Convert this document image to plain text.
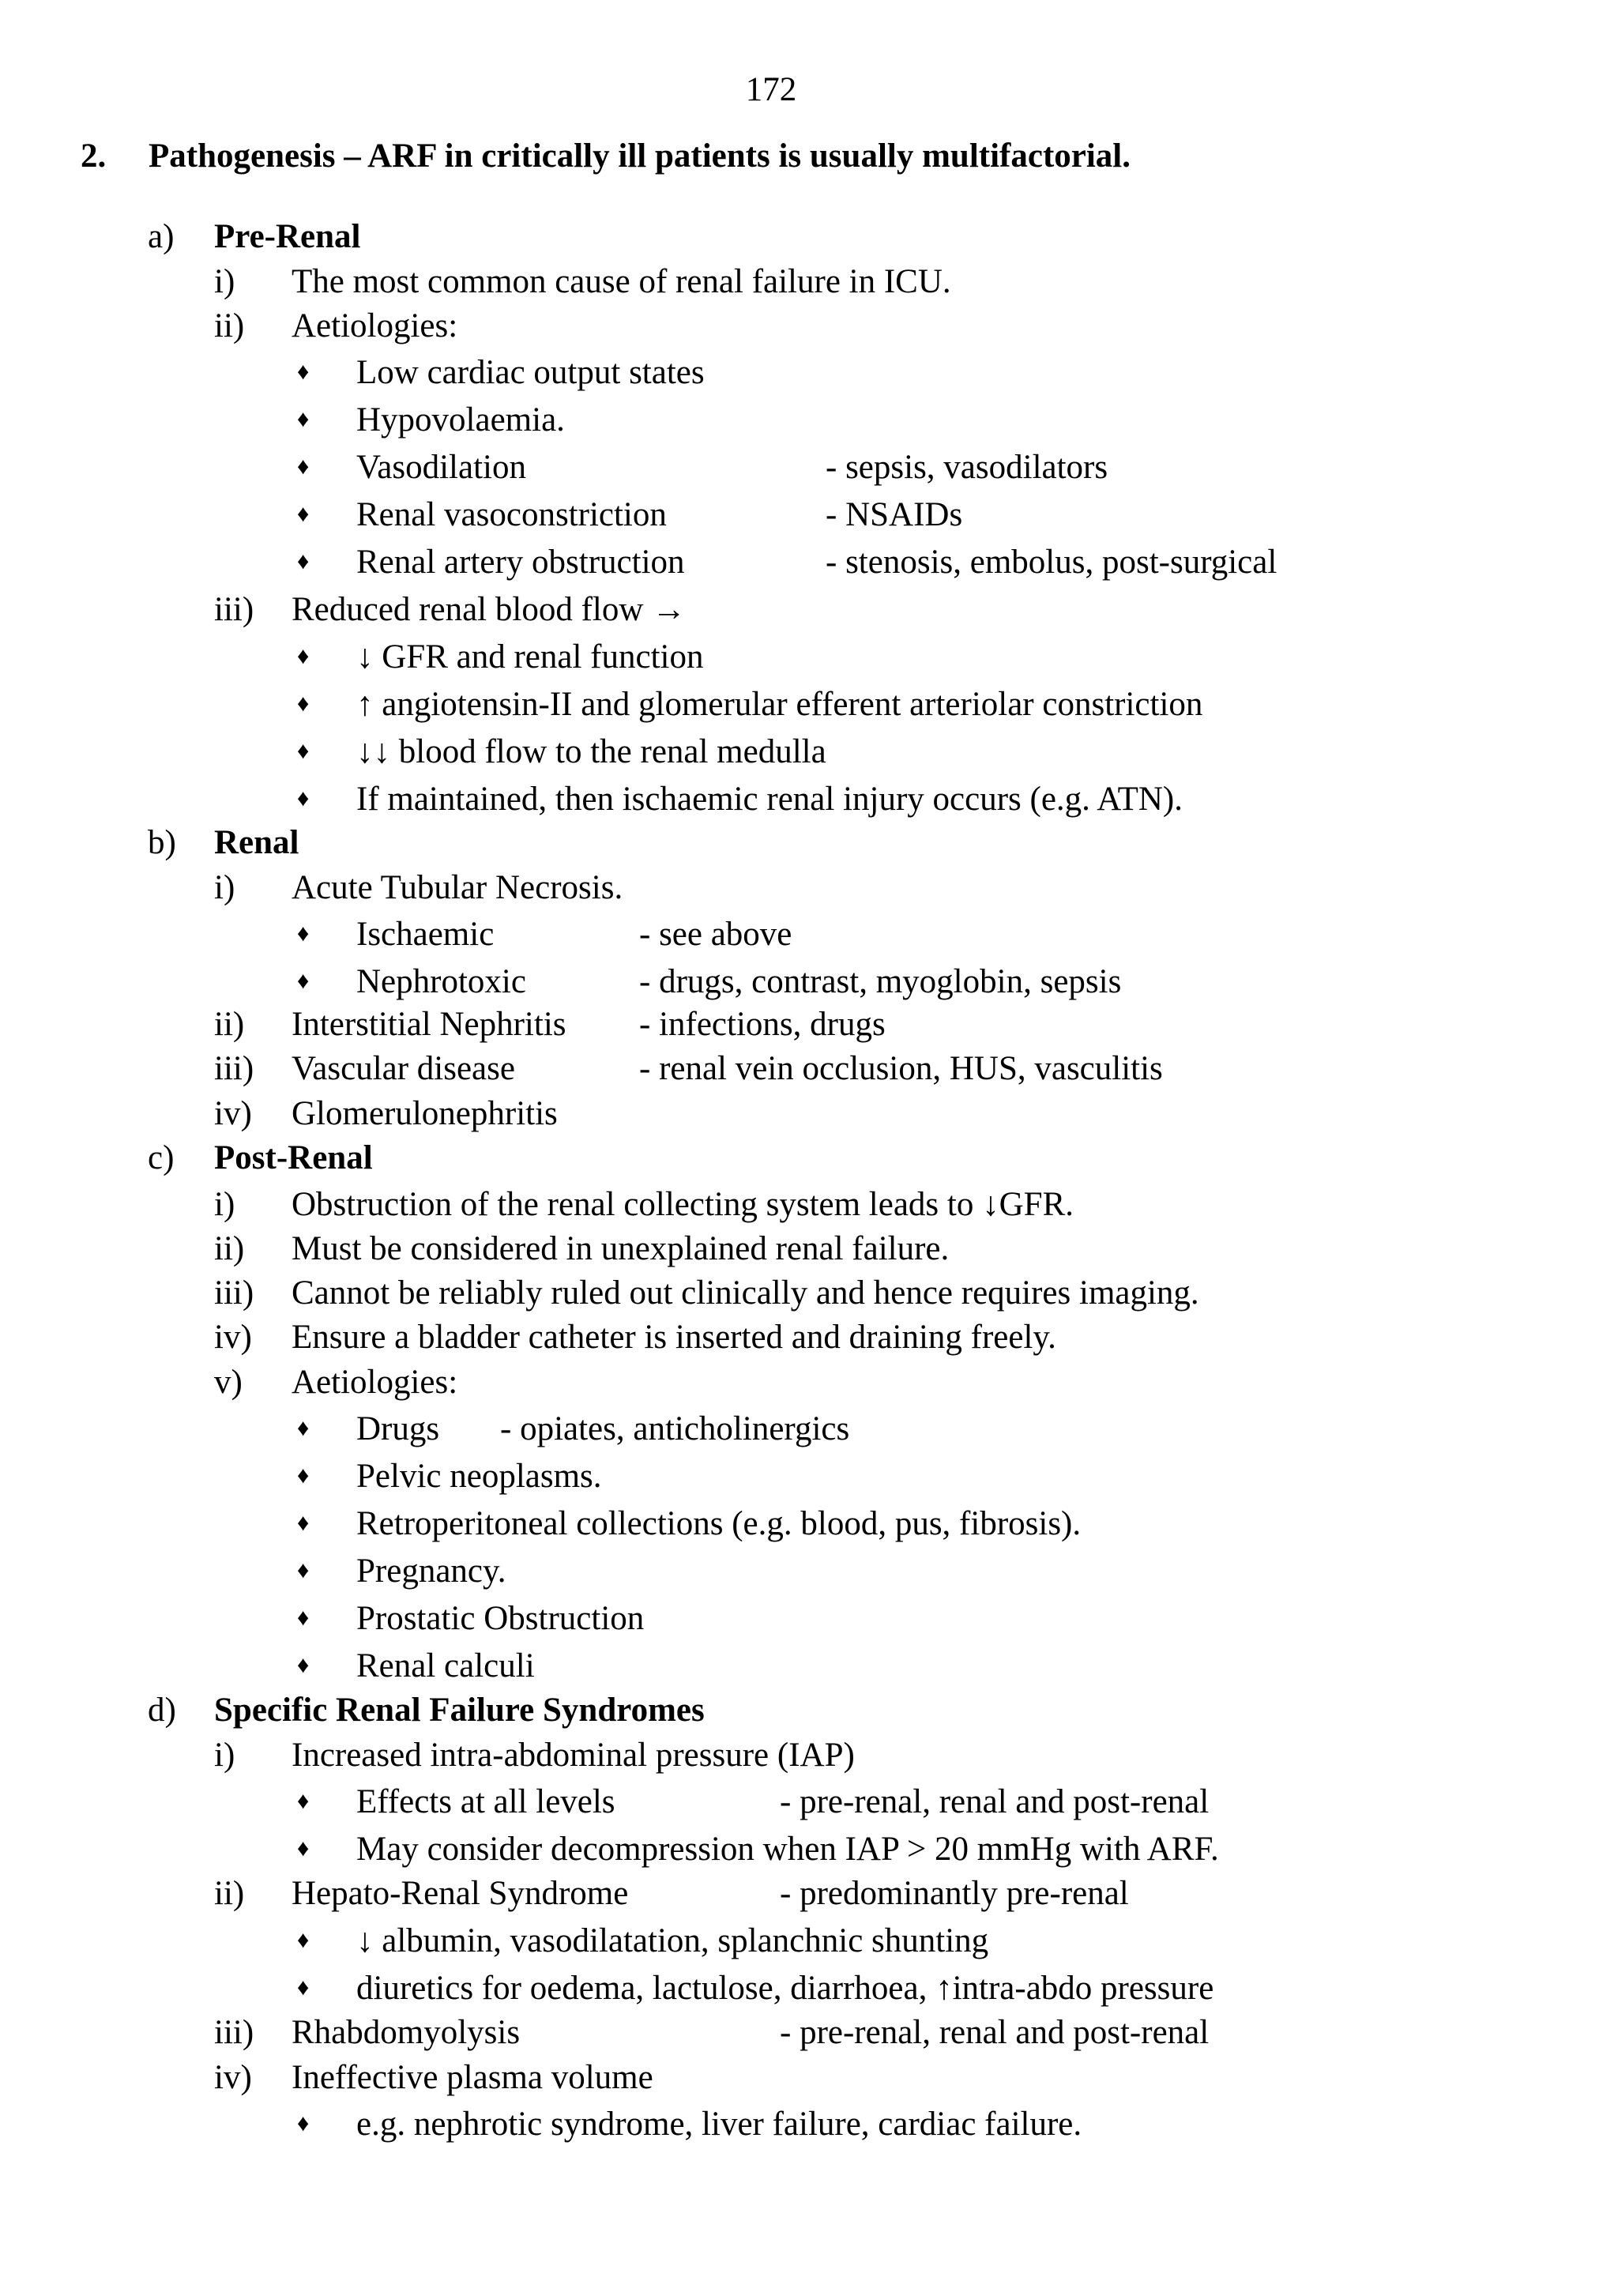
172
2. Pathogenesis – ARF in critically ill patients is usually multifactorial.
a) Pre-Renal
i) The most common cause of renal failure in ICU.
ii) Aetiologies:
♦ Low cardiac output states
♦ Hypovolaemia.
♦ Vasodilation	- sepsis, vasodilators
♦ Renal vasoconstriction	- NSAIDs
♦ Renal artery obstruction	- stenosis, embolus, post-surgical
iii) Reduced renal blood flow →
♦ ↓ GFR and renal function
♦ ↑ angiotensin-II and glomerular efferent arteriolar constriction
♦ ↓↓ blood flow to the renal medulla
♦ If maintained, then ischaemic renal injury occurs (e.g. ATN).
b) Renal
i) Acute Tubular Necrosis.
♦ Ischaemic	- see above
♦ Nephrotoxic	- drugs, contrast, myoglobin, sepsis
ii) Interstitial Nephritis - infections, drugs
iii) Vascular disease	- renal vein occlusion, HUS, vasculitis
iv) Glomerulonephritis
c) Post-Renal
i) Obstruction of the renal collecting system leads to ↓GFR.
ii) Must be considered in unexplained renal failure.
iii) Cannot be reliably ruled out clinically and hence requires imaging.
iv) Ensure a bladder catheter is inserted and draining freely.
v) Aetiologies:
♦ Drugs - opiates, anticholinergics
♦ Pelvic neoplasms.
♦ Retroperitoneal collections (e.g. blood, pus, fibrosis).
♦ Pregnancy.
♦ Prostatic Obstruction
♦ Renal calculi
d) Specific Renal Failure Syndromes
i) Increased intra-abdominal pressure (IAP)
♦ Effects at all levels	- pre-renal, renal and post-renal
♦ May consider decompression when IAP > 20 mmHg with ARF.
ii) Hepato-Renal Syndrome	- predominantly pre-renal
♦ ↓ albumin, vasodilatation, splanchnic shunting
♦ diuretics for oedema, lactulose, diarrhoea, ↑intra-abdo pressure
iii) Rhabdomyolysis	- pre-renal, renal and post-renal
iv) Ineffective plasma volume
♦ e.g. nephrotic syndrome, liver failure, cardiac failure.
